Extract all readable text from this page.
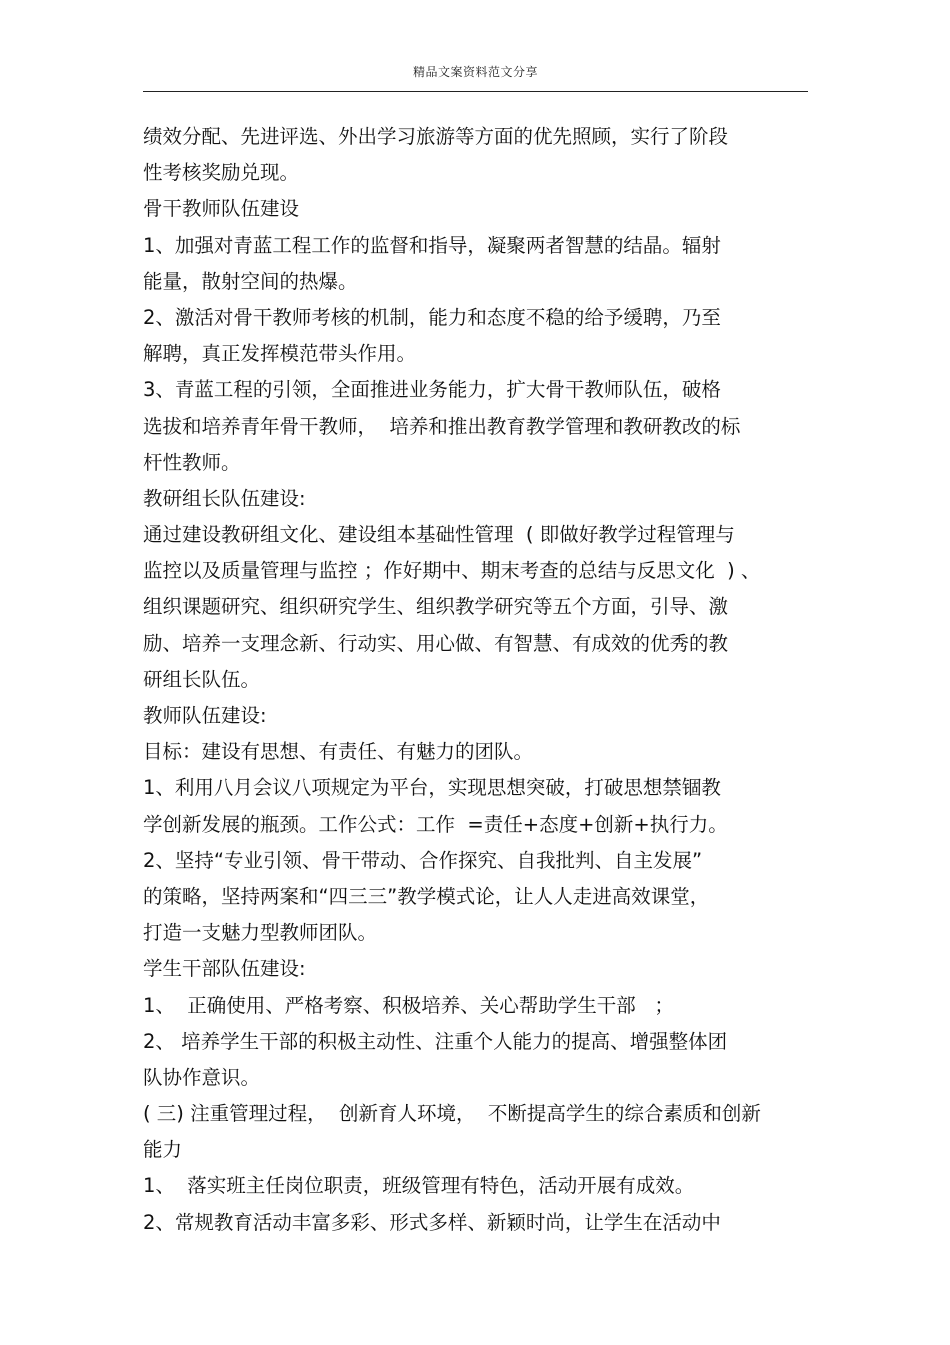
精品文案资料范文分享
绩效分配、先进评选、外出学习旅游等方面的优先照顾，实行了阶段
性考核奖励兑现。
骨干教师队伍建设
1、加强对青蓝工程工作的监督和指导，凝聚两者智慧的结晶。辐射
能量，散射空间的热爆。
2、激活对骨干教师考核的机制，能力和态度不稳的给予缓聘，乃至
解聘，真正发挥模范带头作用。
3、青蓝工程的引领，全面推进业务能力，扩大骨干教师队伍，破格
选拔和培养青年骨干教师，  培养和推出教育教学管理和教研教改的标
杆性教师。
教研组长队伍建设:
通过建设教研组文化、建设组本基础性管理  ( 即做好教学过程管理与
监控以及质量管理与监控 ；作好期中、期末考查的总结与反思文化  ) 、
组织课题研究、组织研究学生、组织教学研究等五个方面，引导、激
励、培养一支理念新、行动实、用心做、有智慧、有成效的优秀的教
研组长队伍。
教师队伍建设:
目标：建设有思想、有责任、有魅力的团队。
1、利用八月会议八项规定为平台，实现思想突破，打破思想禁锢教
学创新发展的瓶颈。工作公式：工作  =责任+态度+创新+执行力。
2、坚持“专业引领、骨干带动、合作探究、自我批判、自主发展”
的策略，坚持两案和“四三三”教学模式论，让人人走进高效课堂，
打造一支魅力型教师团队。
学生干部队伍建设:
1、  正确使用、严格考察、积极培养、关心帮助学生干部   ；
2、 培养学生干部的积极主动性、注重个人能力的提高、增强整体团
队协作意识。
( 三) 注重管理过程，  创新育人环境，  不断提高学生的综合素质和创新
能力
1、  落实班主任岗位职责，班级管理有特色，活动开展有成效。
2、常规教育活动丰富多彩、形式多样、新颖时尚，让学生在活动中
